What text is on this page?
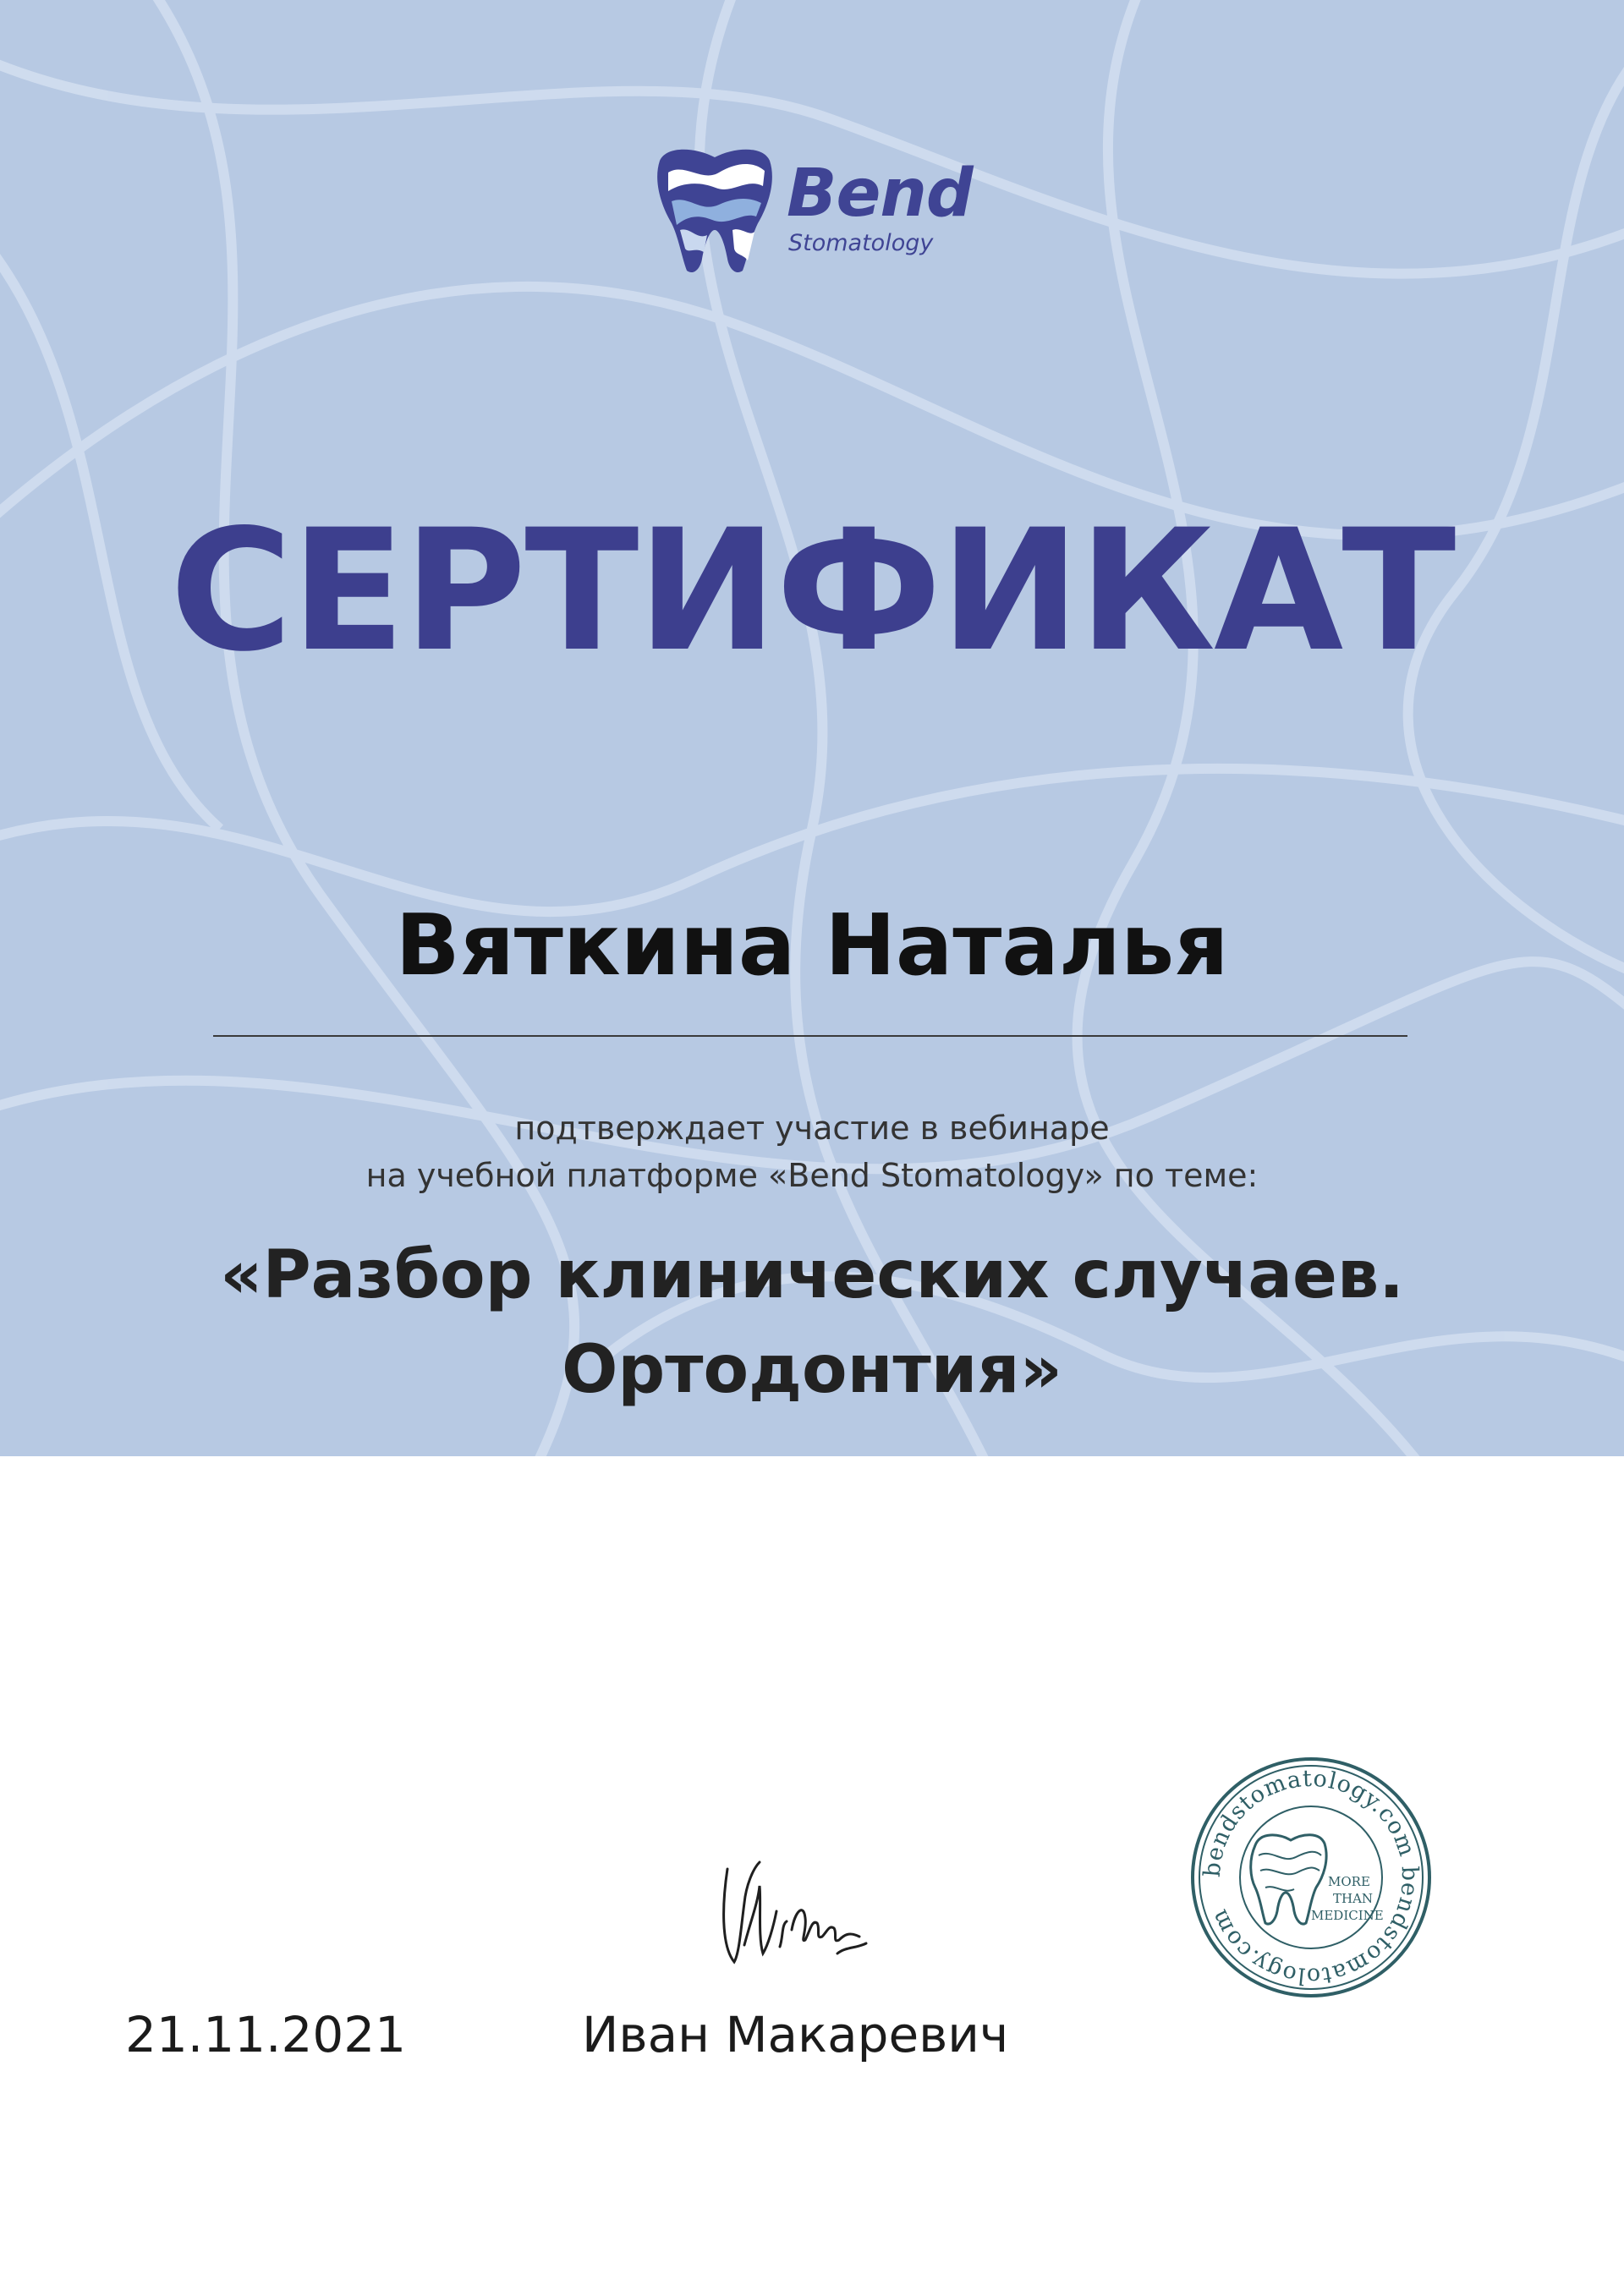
Bend
Stomatology
СЕРТИФИКАТ
Вяткина Наталья
подтверждает участие в вебинаре
на учебной платформе «Bend Stomatology» по теме:
«Разбор клинических случаев.
Ортодонтия»
21.11.2021	Иван Макаревич
bendstomatology.com bendstomatology.com
MORE
THAN
MEDICINE
